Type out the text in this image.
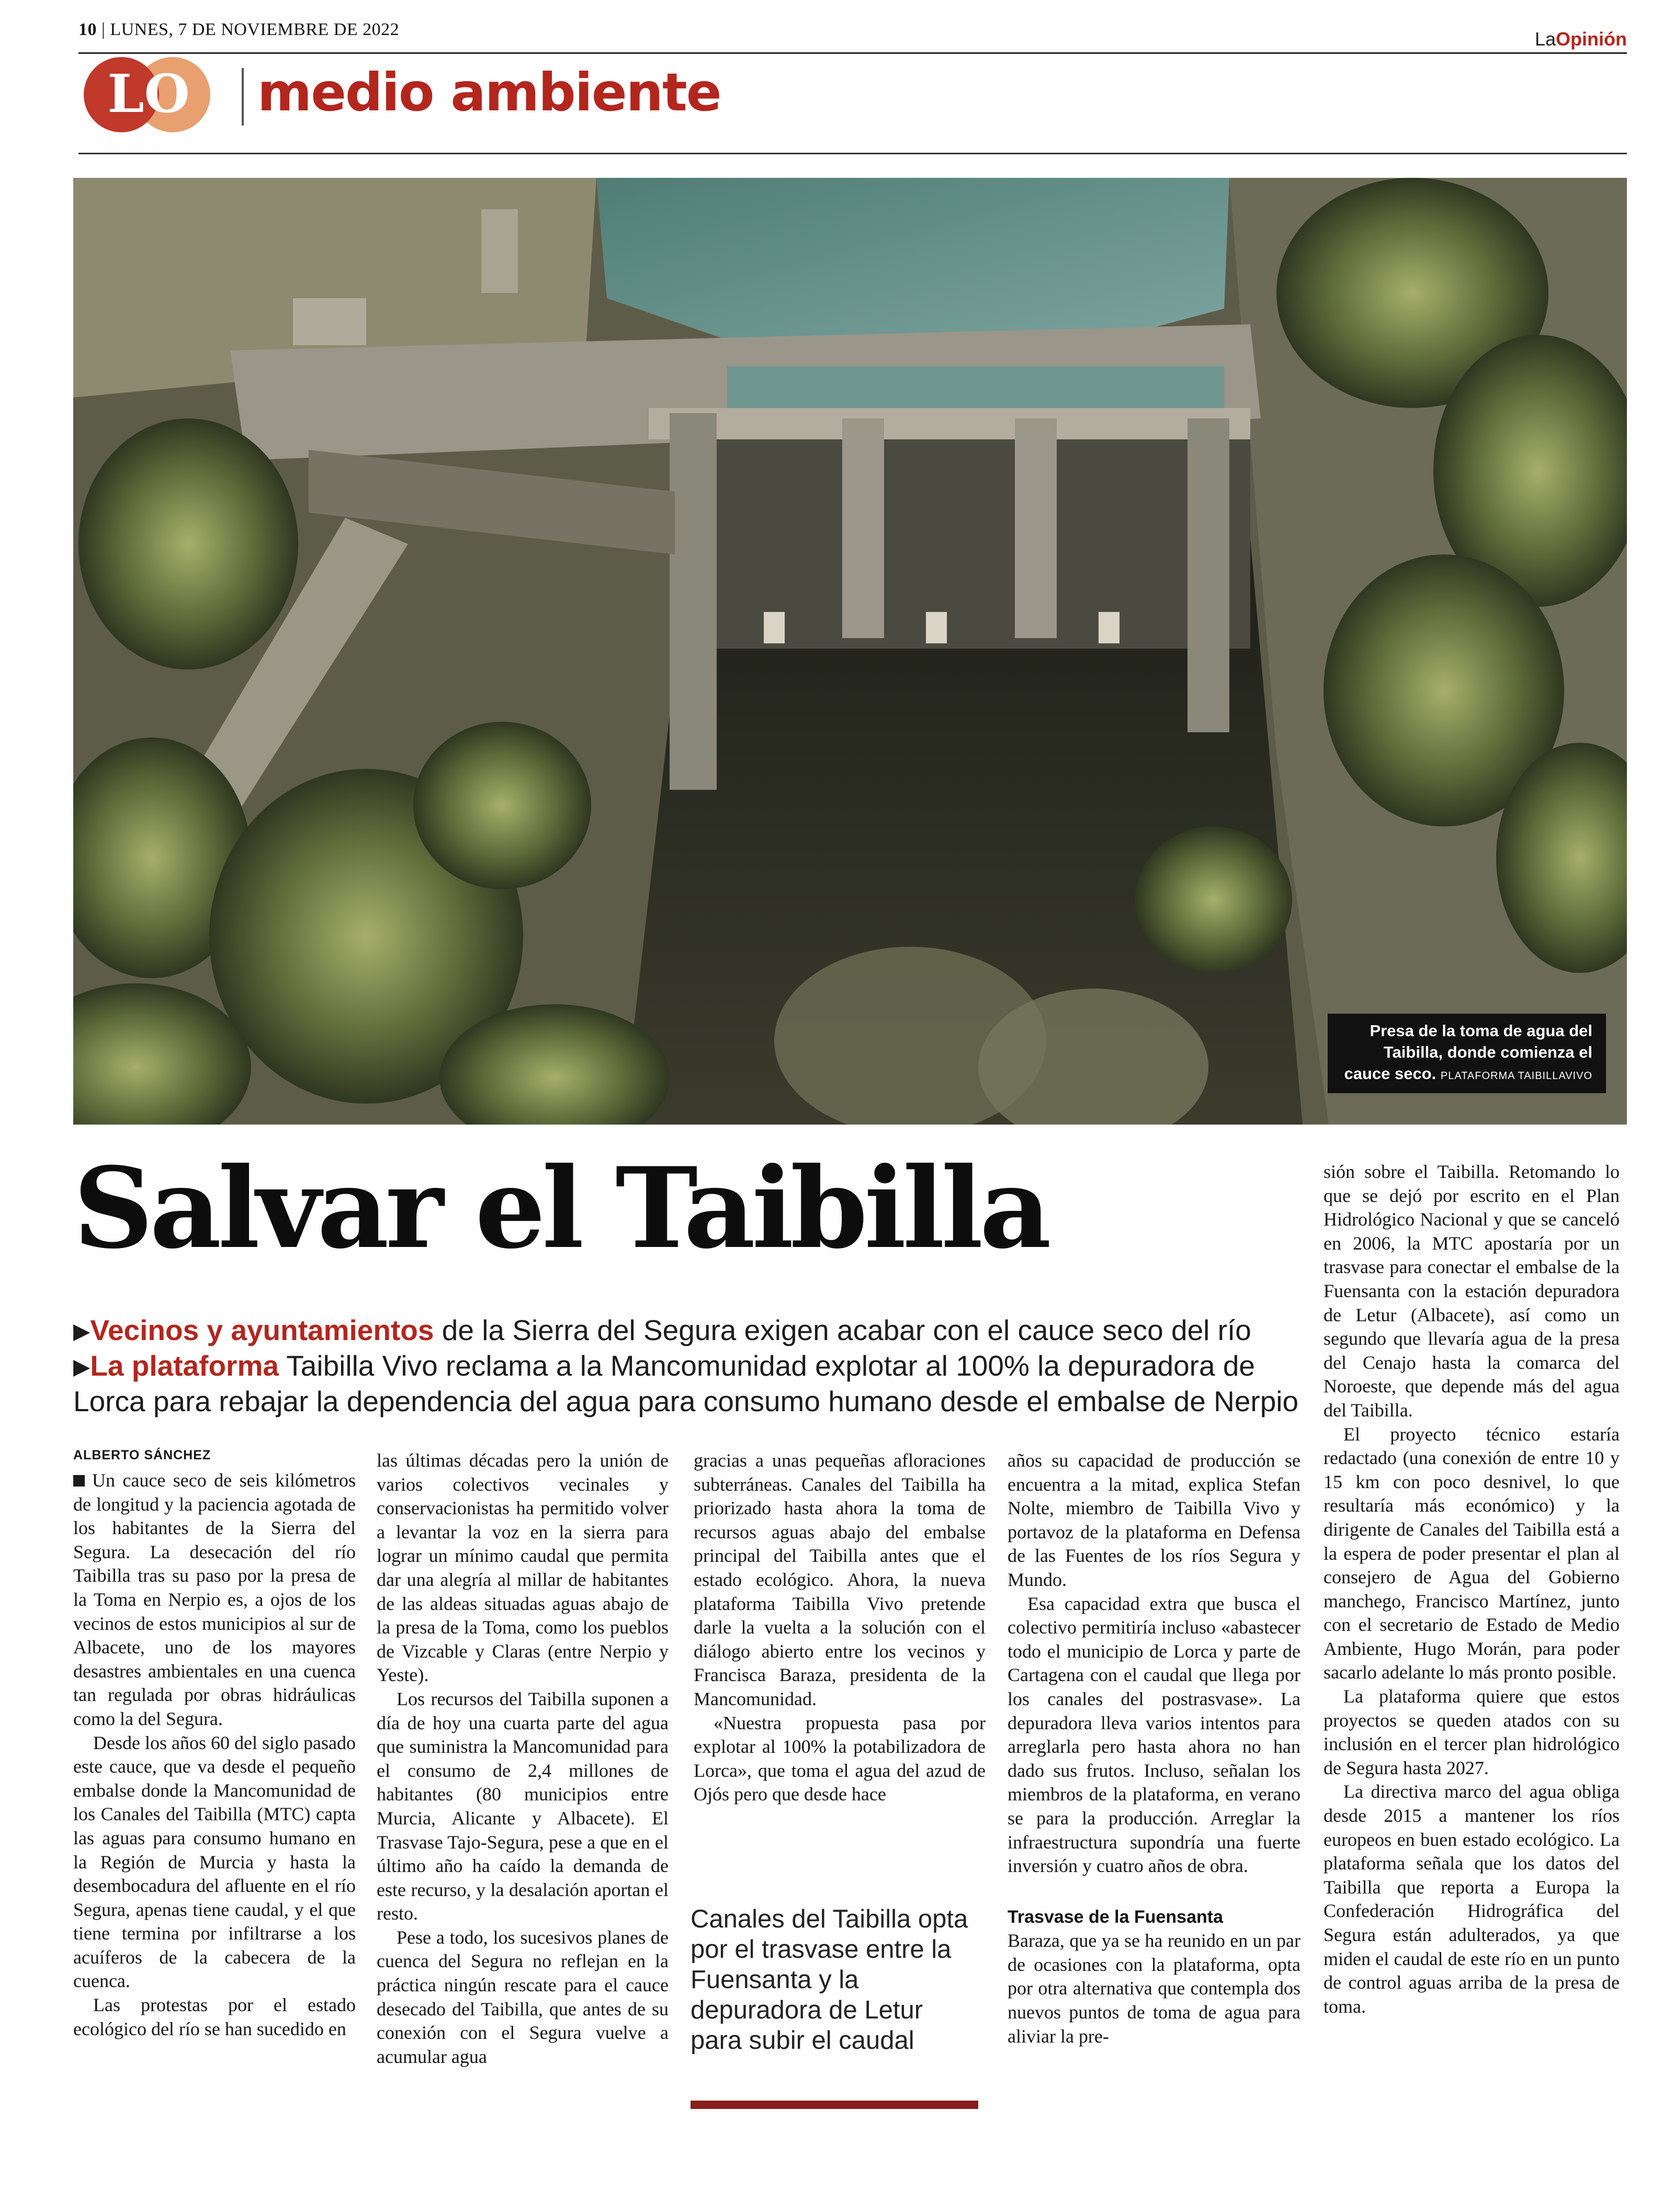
10 | LUNES, 7 DE NOVIEMBRE DE 2022	LaOpinión
LO medio ambiente
Presa de la toma de agua del Taibilla, donde comienza el cauce seco. PLATAFORMA TAIBILLAVIVO
Salvar el Taibilla

▶Vecinos y ayuntamientos de la Sierra del Segura exigen acabar con el cauce seco del río

▶La plataforma Taibilla Vivo reclama a la Mancomunidad explotar al 100% la depuradora de
Lorca para rebajar la dependencia del agua para consumo humano desde el embalse de Nerpio

ALBERTO SÁNCHEZ

Un cauce seco de seis kilómetros de longitud y la paciencia agotada de los habitantes de la Sierra del Segura. La desecación del río Taibilla tras su paso por la presa de la Toma en Nerpio es, a ojos de los vecinos de estos municipios al sur de Albacete, uno de los mayores desastres ambientales en una cuenca tan regulada por obras hidráulicas como la del Segura.

Desde los años 60 del siglo pasado este cauce, que va desde el pequeño embalse donde la Mancomunidad de los Canales del Taibilla (MTC) capta las aguas para consumo humano en la Región de Murcia y hasta la desembocadura del afluente en el río Segura, apenas tiene caudal, y el que tiene termina por infiltrarse a los acuíferos de la cabecera de la cuenca.

Las protestas por el estado ecológico del río se han sucedido en

las últimas décadas pero la unión de varios colectivos vecinales y conservacionistas ha permitido volver a levantar la voz en la sierra para lograr un mínimo caudal que permita dar una alegría al millar de habitantes de las aldeas situadas aguas abajo de la presa de la Toma, como los pueblos de Vizcable y Claras (entre Nerpio y Yeste).

Los recursos del Taibilla suponen a día de hoy una cuarta parte del agua que suministra la Mancomunidad para el consumo de 2,4 millones de habitantes (80 municipios entre Murcia, Alicante y Albacete). El Trasvase Tajo-Segura, pese a que en el último año ha caído la demanda de este recurso, y la desalación aportan el resto.

Pese a todo, los sucesivos planes de cuenca del Segura no reflejan en la práctica ningún rescate para el cauce desecado del Taibilla, que antes de su conexión con el Segura vuelve a acumular agua

gracias a unas pequeñas afloraciones subterráneas. Canales del Taibilla ha priorizado hasta ahora la toma de recursos aguas abajo del embalse principal del Taibilla antes que el estado ecológico. Ahora, la nueva plataforma Taibilla Vivo pretende darle la vuelta a la solución con el diálogo abierto entre los vecinos y Francisca Baraza, presidenta de la Mancomunidad.

«Nuestra propuesta pasa por explotar al 100% la potabilizadora de Lorca», que toma el agua del azud de Ojós pero que desde hace

Canales del Taibilla opta por el trasvase entre la Fuensanta y la depuradora de Letur para subir el caudal

años su capacidad de producción se encuentra a la mitad, explica Stefan Nolte, miembro de Taibilla Vivo y portavoz de la plataforma en Defensa de las Fuentes de los ríos Segura y Mundo.

Esa capacidad extra que busca el colectivo permitiría incluso «abastecer todo el municipio de Lorca y parte de Cartagena con el caudal que llega por los canales del postrasvase». La depuradora lleva varios intentos para arreglarla pero hasta ahora no han dado sus frutos. Incluso, señalan los miembros de la plataforma, en verano se para la producción. Arreglar la infraestructura supondría una fuerte inversión y cuatro años de obra.

Trasvase de la Fuensanta

Baraza, que ya se ha reunido en un par de ocasiones con la plataforma, opta por otra alternativa que contempla dos nuevos puntos de toma de agua para aliviar la pre-

sión sobre el Taibilla. Retomando lo que se dejó por escrito en el Plan Hidrológico Nacional y que se canceló en 2006, la MTC apostaría por un trasvase para conectar el embalse de la Fuensanta con la estación depuradora de Letur (Albacete), así como un segundo que llevaría agua de la presa del Cenajo hasta la comarca del Noroeste, que depende más del agua del Taibilla.

El proyecto técnico estaría redactado (una conexión de entre 10 y 15 km con poco desnivel, lo que resultaría más económico) y la dirigente de Canales del Taibilla está a la espera de poder presentar el plan al consejero de Agua del Gobierno manchego, Francisco Martínez, junto con el secretario de Estado de Medio Ambiente, Hugo Morán, para poder sacarlo adelante lo más pronto posible.

La plataforma quiere que estos proyectos se queden atados con su inclusión en el tercer plan hidrológico de Segura hasta 2027.

La directiva marco del agua obliga desde 2015 a mantener los ríos europeos en buen estado ecológico. La plataforma señala que los datos del Taibilla que reporta a Europa la Confederación Hidrográfica del Segura están adulterados, ya que miden el caudal de este río en un punto de control aguas arriba de la presa de toma.
